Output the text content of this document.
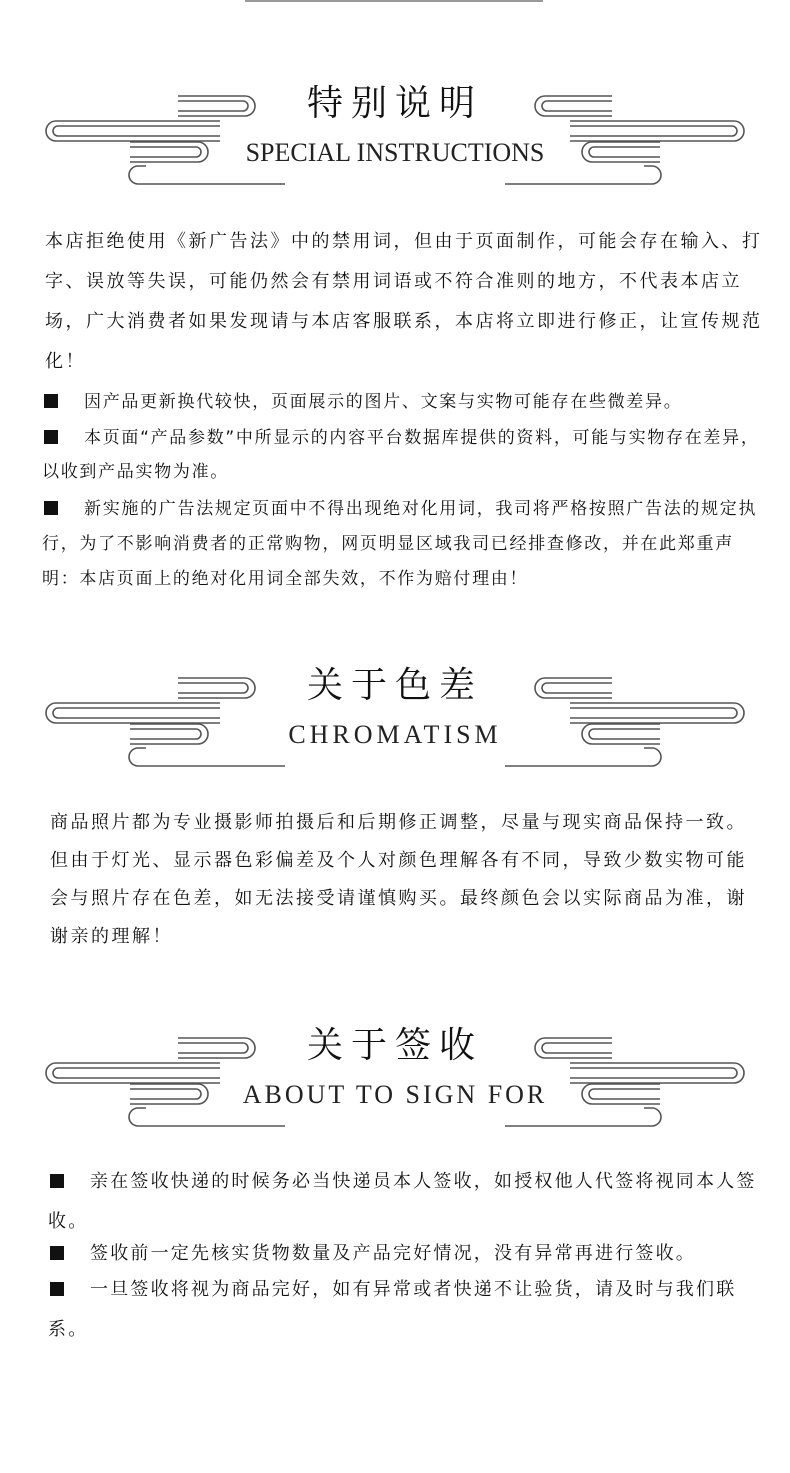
特别说明
SPECIAL INSTRUCTIONS
本店拒绝使用《新广告法》中的禁用词，但由于页面制作，可能会存在输入、打字、误放等失误，可能仍然会有禁用词语或不符合准则的地方，不代表本店立场，广大消费者如果发现请与本店客服联系，本店将立即进行修正，让宣传规范化！
因产品更新换代较快，页面展示的图片、文案与实物可能存在些微差异。
本页面“产品参数”中所显示的内容平台数据库提供的资料，可能与实物存在差异，以收到产品实物为准。
新实施的广告法规定页面中不得出现绝对化用词，我司将严格按照广告法的规定执行，为了不影响消费者的正常购物，网页明显区域我司已经排查修改，并在此郑重声明：本店页面上的绝对化用词全部失效，不作为赔付理由！
关于色差
CHROMATISM
商品照片都为专业摄影师拍摄后和后期修正调整，尽量与现实商品保持一致。但由于灯光、显示器色彩偏差及个人对颜色理解各有不同，导致少数实物可能会与照片存在色差，如无法接受请谨慎购买。最终颜色会以实际商品为准，谢谢亲的理解！
关于签收
ABOUT TO SIGN FOR
亲在签收快递的时候务必当快递员本人签收，如授权他人代签将视同本人签收。
签收前一定先核实货物数量及产品完好情况，没有异常再进行签收。
一旦签收将视为商品完好，如有异常或者快递不让验货，请及时与我们联系。
